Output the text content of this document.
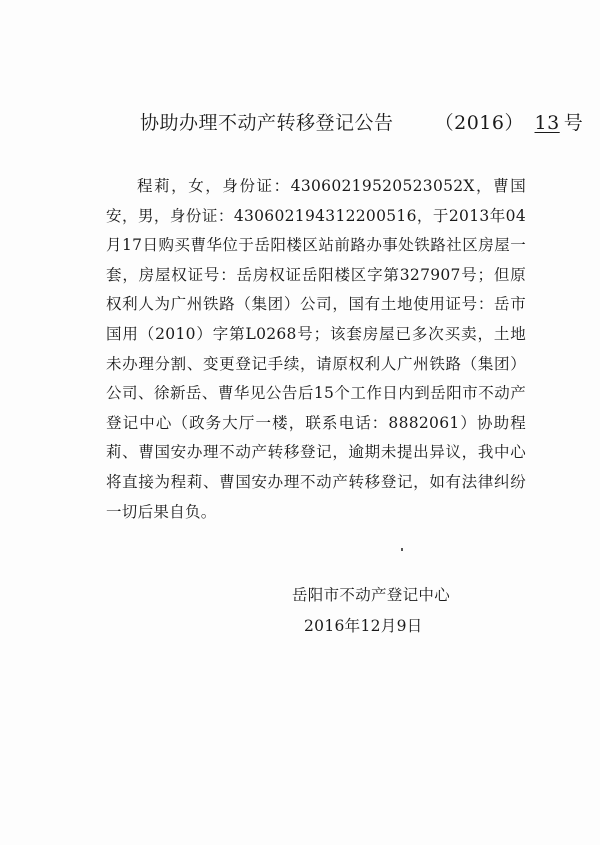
协助办理不动产转移登记公告 （2016） 13 号
程莉，女，身份证：43060219520523052X，曹国安，男，身份证：430602194312200516，于2013年04月17日购买曹华位于岳阳楼区站前路办事处铁路社区房屋一套，房屋权证号：岳房权证岳阳楼区字第327907号；但原权利人为广州铁路（集团）公司，国有土地使用证号：岳市国用（2010）字第L0268号；该套房屋已多次买卖，土地未办理分割、变更登记手续，请原权利人广州铁路（集团）公司、徐新岳、曹华见公告后15个工作日内到岳阳市不动产登记中心（政务大厅一楼，联系电话：8882061）协助程莉、曹国安办理不动产转移登记，逾期未提出异议，我中心将直接为程莉、曹国安办理不动产转移登记，如有法律纠纷一切后果自负。
岳阳市不动产登记中心
2016年12月9日
